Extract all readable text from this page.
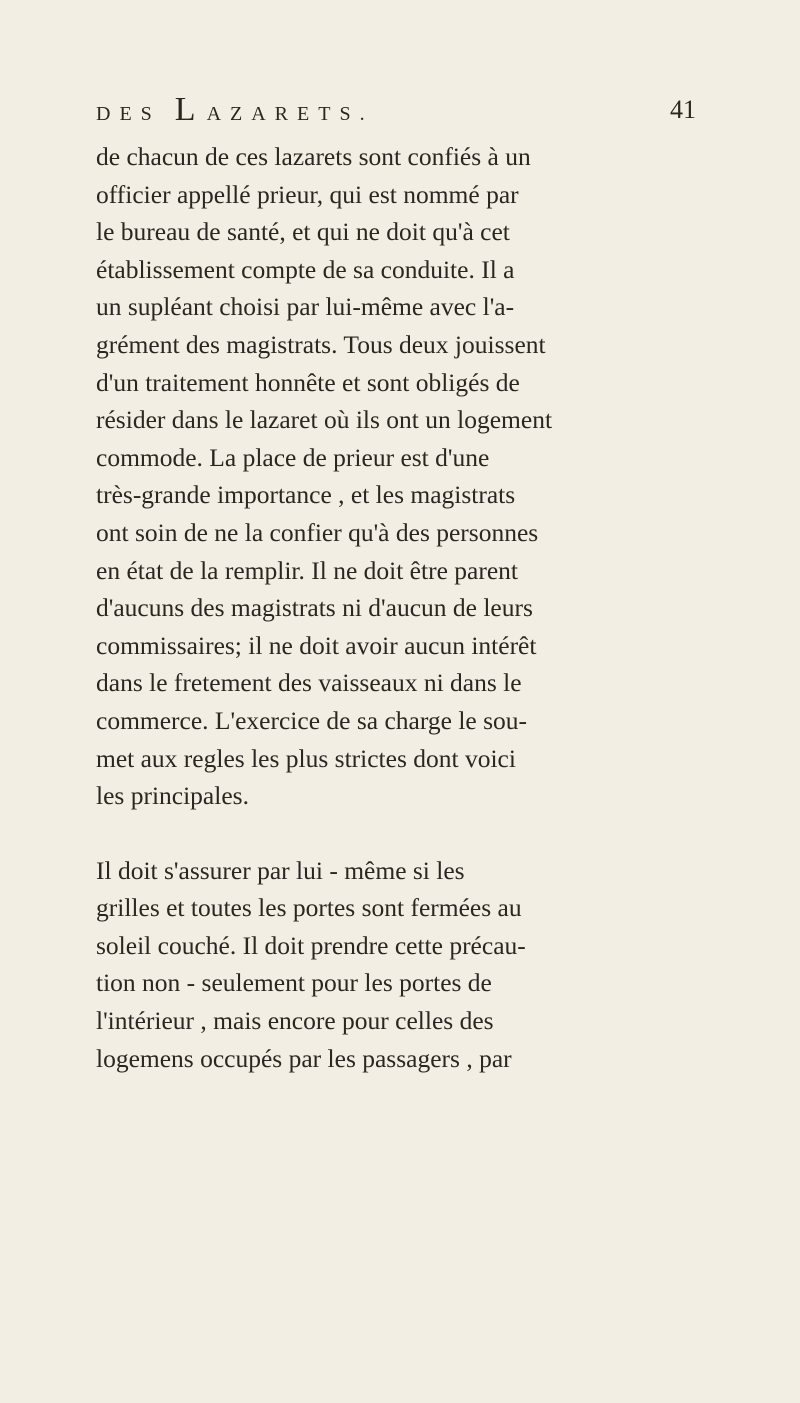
DES LAZARETS.	41
de chacun de ces lazarets sont confiés à un
officier appellé prieur, qui est nommé par
le bureau de santé, et qui ne doit qu'à cet
établissement compte de sa conduite. Il a
un supléant choisi par lui-même avec l'a-
grément des magistrats. Tous deux jouissent
d'un traitement honnête et sont obligés de
résider dans le lazaret où ils ont un logement
commode. La place de prieur est d'une
très-grande importance , et les magistrats
ont soin de ne la confier qu'à des personnes
en état de la remplir. Il ne doit être parent
d'aucuns des magistrats ni d'aucun de leurs
commissaires; il ne doit avoir aucun intérêt
dans le fretement des vaisseaux ni dans le
commerce. L'exercice de sa charge le sou-
met aux regles les plus strictes dont voici
les principales.
Il doit s'assurer par lui - même si les
grilles et toutes les portes sont fermées au
soleil couché. Il doit prendre cette précau-
tion non - seulement pour les portes de
l'intérieur , mais encore pour celles des
logemens occupés par les passagers , par
